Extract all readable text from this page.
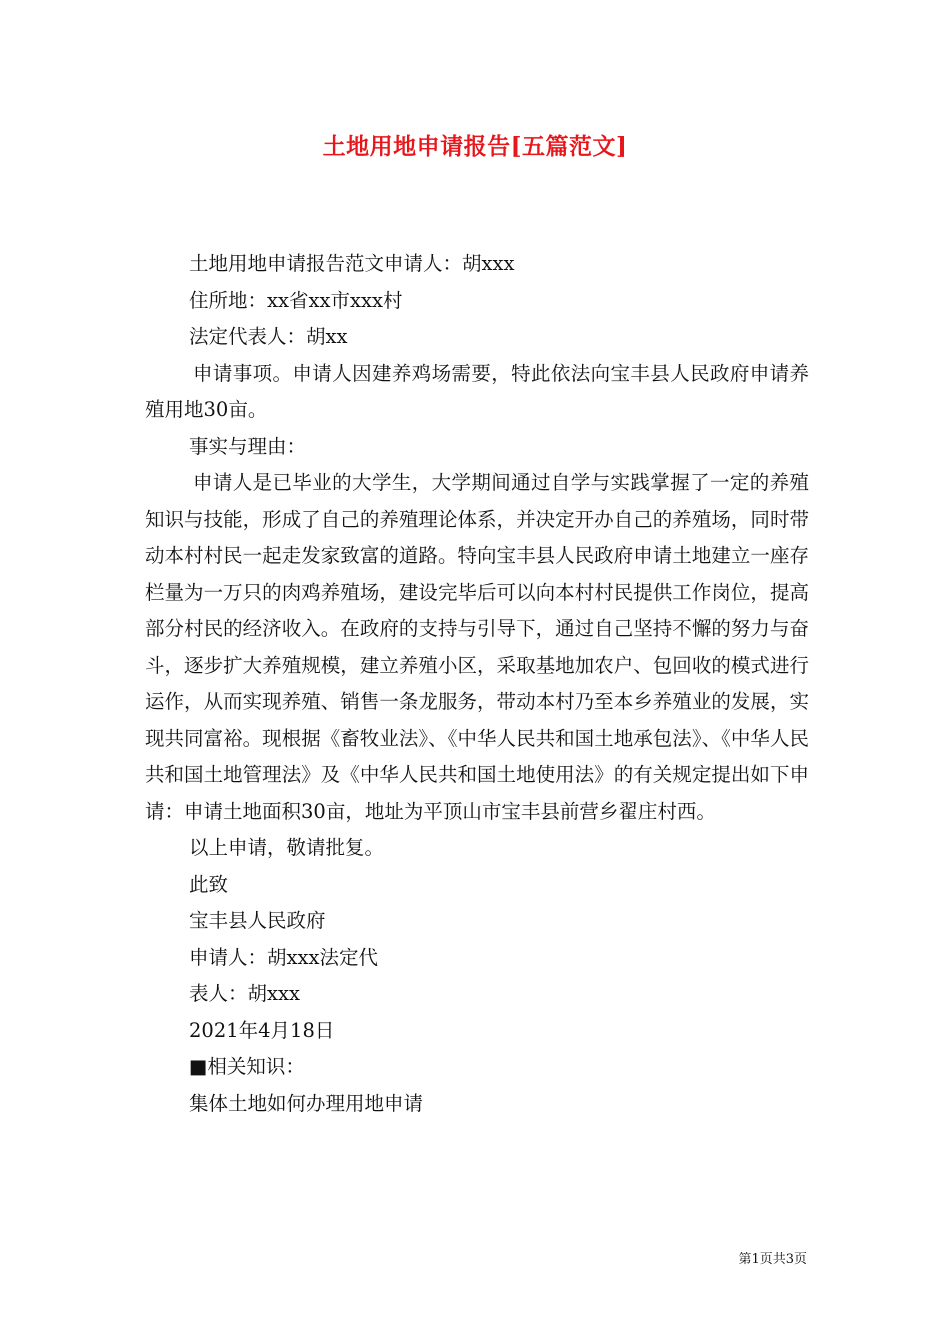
土地用地申请报告[五篇范文]

土地用地申请报告范文申请人：胡xxx

住所地：xx省xx市xxx村

法定代表人：胡xx

申请事项。申请人因建养鸡场需要，特此依法向宝丰县人民政府申请养殖用地30亩。

事实与理由：

申请人是已毕业的大学生，大学期间通过自学与实践掌握了一定的养殖知识与技能，形成了自己的养殖理论体系，并决定开办自己的养殖场，同时带动本村村民一起走发家致富的道路。特向宝丰县人民政府申请土地建立一座存栏量为一万只的肉鸡养殖场，建设完毕后可以向本村村民提供工作岗位，提高部分村民的经济收入。在政府的支持与引导下，通过自己坚持不懈的努力与奋斗，逐步扩大养殖规模，建立养殖小区，采取基地加农户、包回收的模式进行运作，从而实现养殖、销售一条龙服务，带动本村乃至本乡养殖业的发展，实现共同富裕。现根据《畜牧业法》、《中华人民共和国土地承包法》、《中华人民共和国土地管理法》及《中华人民共和国土地使用法》的有关规定提出如下申请：申请土地面积30亩，地址为平顶山市宝丰县前营乡翟庄村西。

以上申请，敬请批复。

此致

宝丰县人民政府

申请人：胡xxx法定代

表人：胡xxx

2021年4月18日

■相关知识：

集体土地如何办理用地申请

第1页共3页
